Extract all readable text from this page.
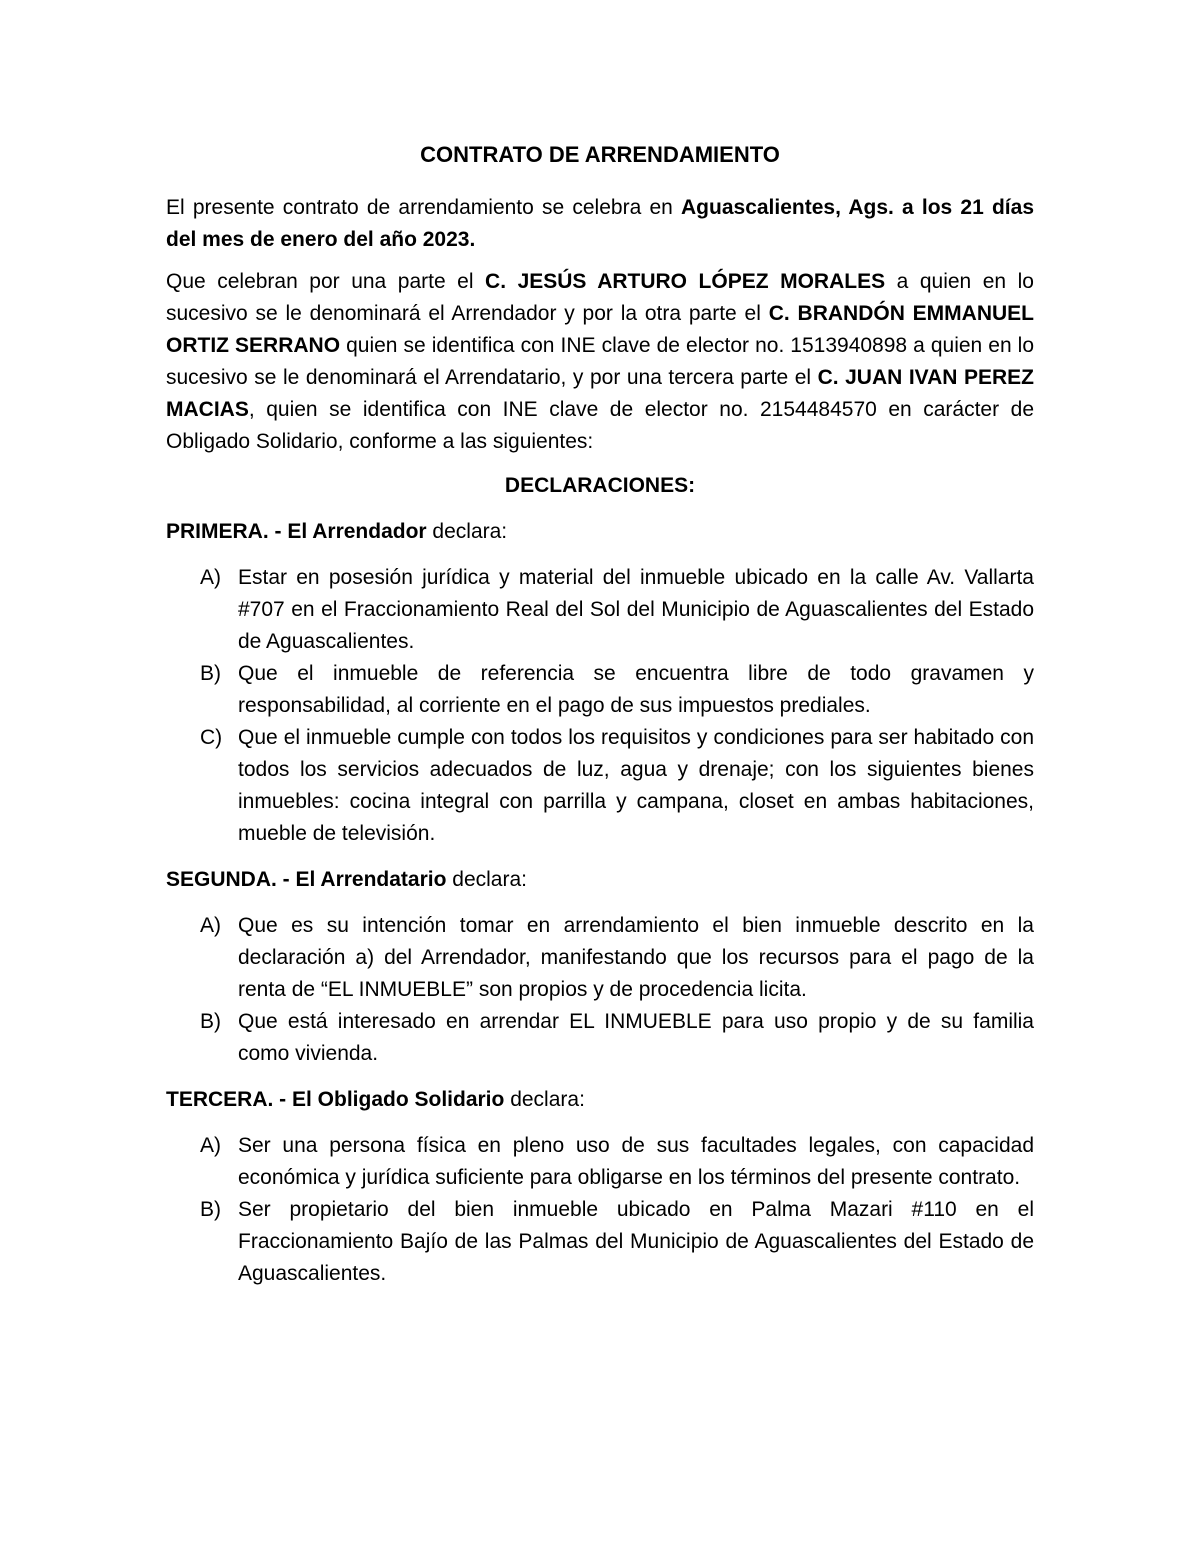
CONTRATO DE ARRENDAMIENTO

El presente contrato de arrendamiento se celebra en Aguascalientes, Ags. a los 21 días del mes de enero del año 2023.

Que celebran por una parte el C. JESÚS ARTURO LÓPEZ MORALES a quien en lo sucesivo se le denominará el Arrendador y por la otra parte el C. BRANDÓN EMMANUEL ORTIZ SERRANO quien se identifica con INE clave de elector no. 1513940898 a quien en lo sucesivo se le denominará el Arrendatario, y por una tercera parte el C. JUAN IVAN PEREZ MACIAS, quien se identifica con INE clave de elector no. 2154484570 en carácter de Obligado Solidario, conforme a las siguientes:

DECLARACIONES:

PRIMERA. - El Arrendador declara:

A) Estar en posesión jurídica y material del inmueble ubicado en la calle Av. Vallarta #707 en el Fraccionamiento Real del Sol del Municipio de Aguascalientes del Estado de Aguascalientes.
B) Que el inmueble de referencia se encuentra libre de todo gravamen y responsabilidad, al corriente en el pago de sus impuestos prediales.
C) Que el inmueble cumple con todos los requisitos y condiciones para ser habitado con todos los servicios adecuados de luz, agua y drenaje; con los siguientes bienes inmuebles: cocina integral con parrilla y campana, closet en ambas habitaciones, mueble de televisión.

SEGUNDA. - El Arrendatario declara:

A) Que es su intención tomar en arrendamiento el bien inmueble descrito en la declaración a) del Arrendador, manifestando que los recursos para el pago de la renta de “EL INMUEBLE” son propios y de procedencia licita.
B) Que está interesado en arrendar EL INMUEBLE para uso propio y de su familia como vivienda.

TERCERA. - El Obligado Solidario declara:

A) Ser una persona física en pleno uso de sus facultades legales, con capacidad económica y jurídica suficiente para obligarse en los términos del presente contrato.
B) Ser propietario del bien inmueble ubicado en Palma Mazari #110 en el Fraccionamiento Bajío de las Palmas del Municipio de Aguascalientes del Estado de Aguascalientes.
